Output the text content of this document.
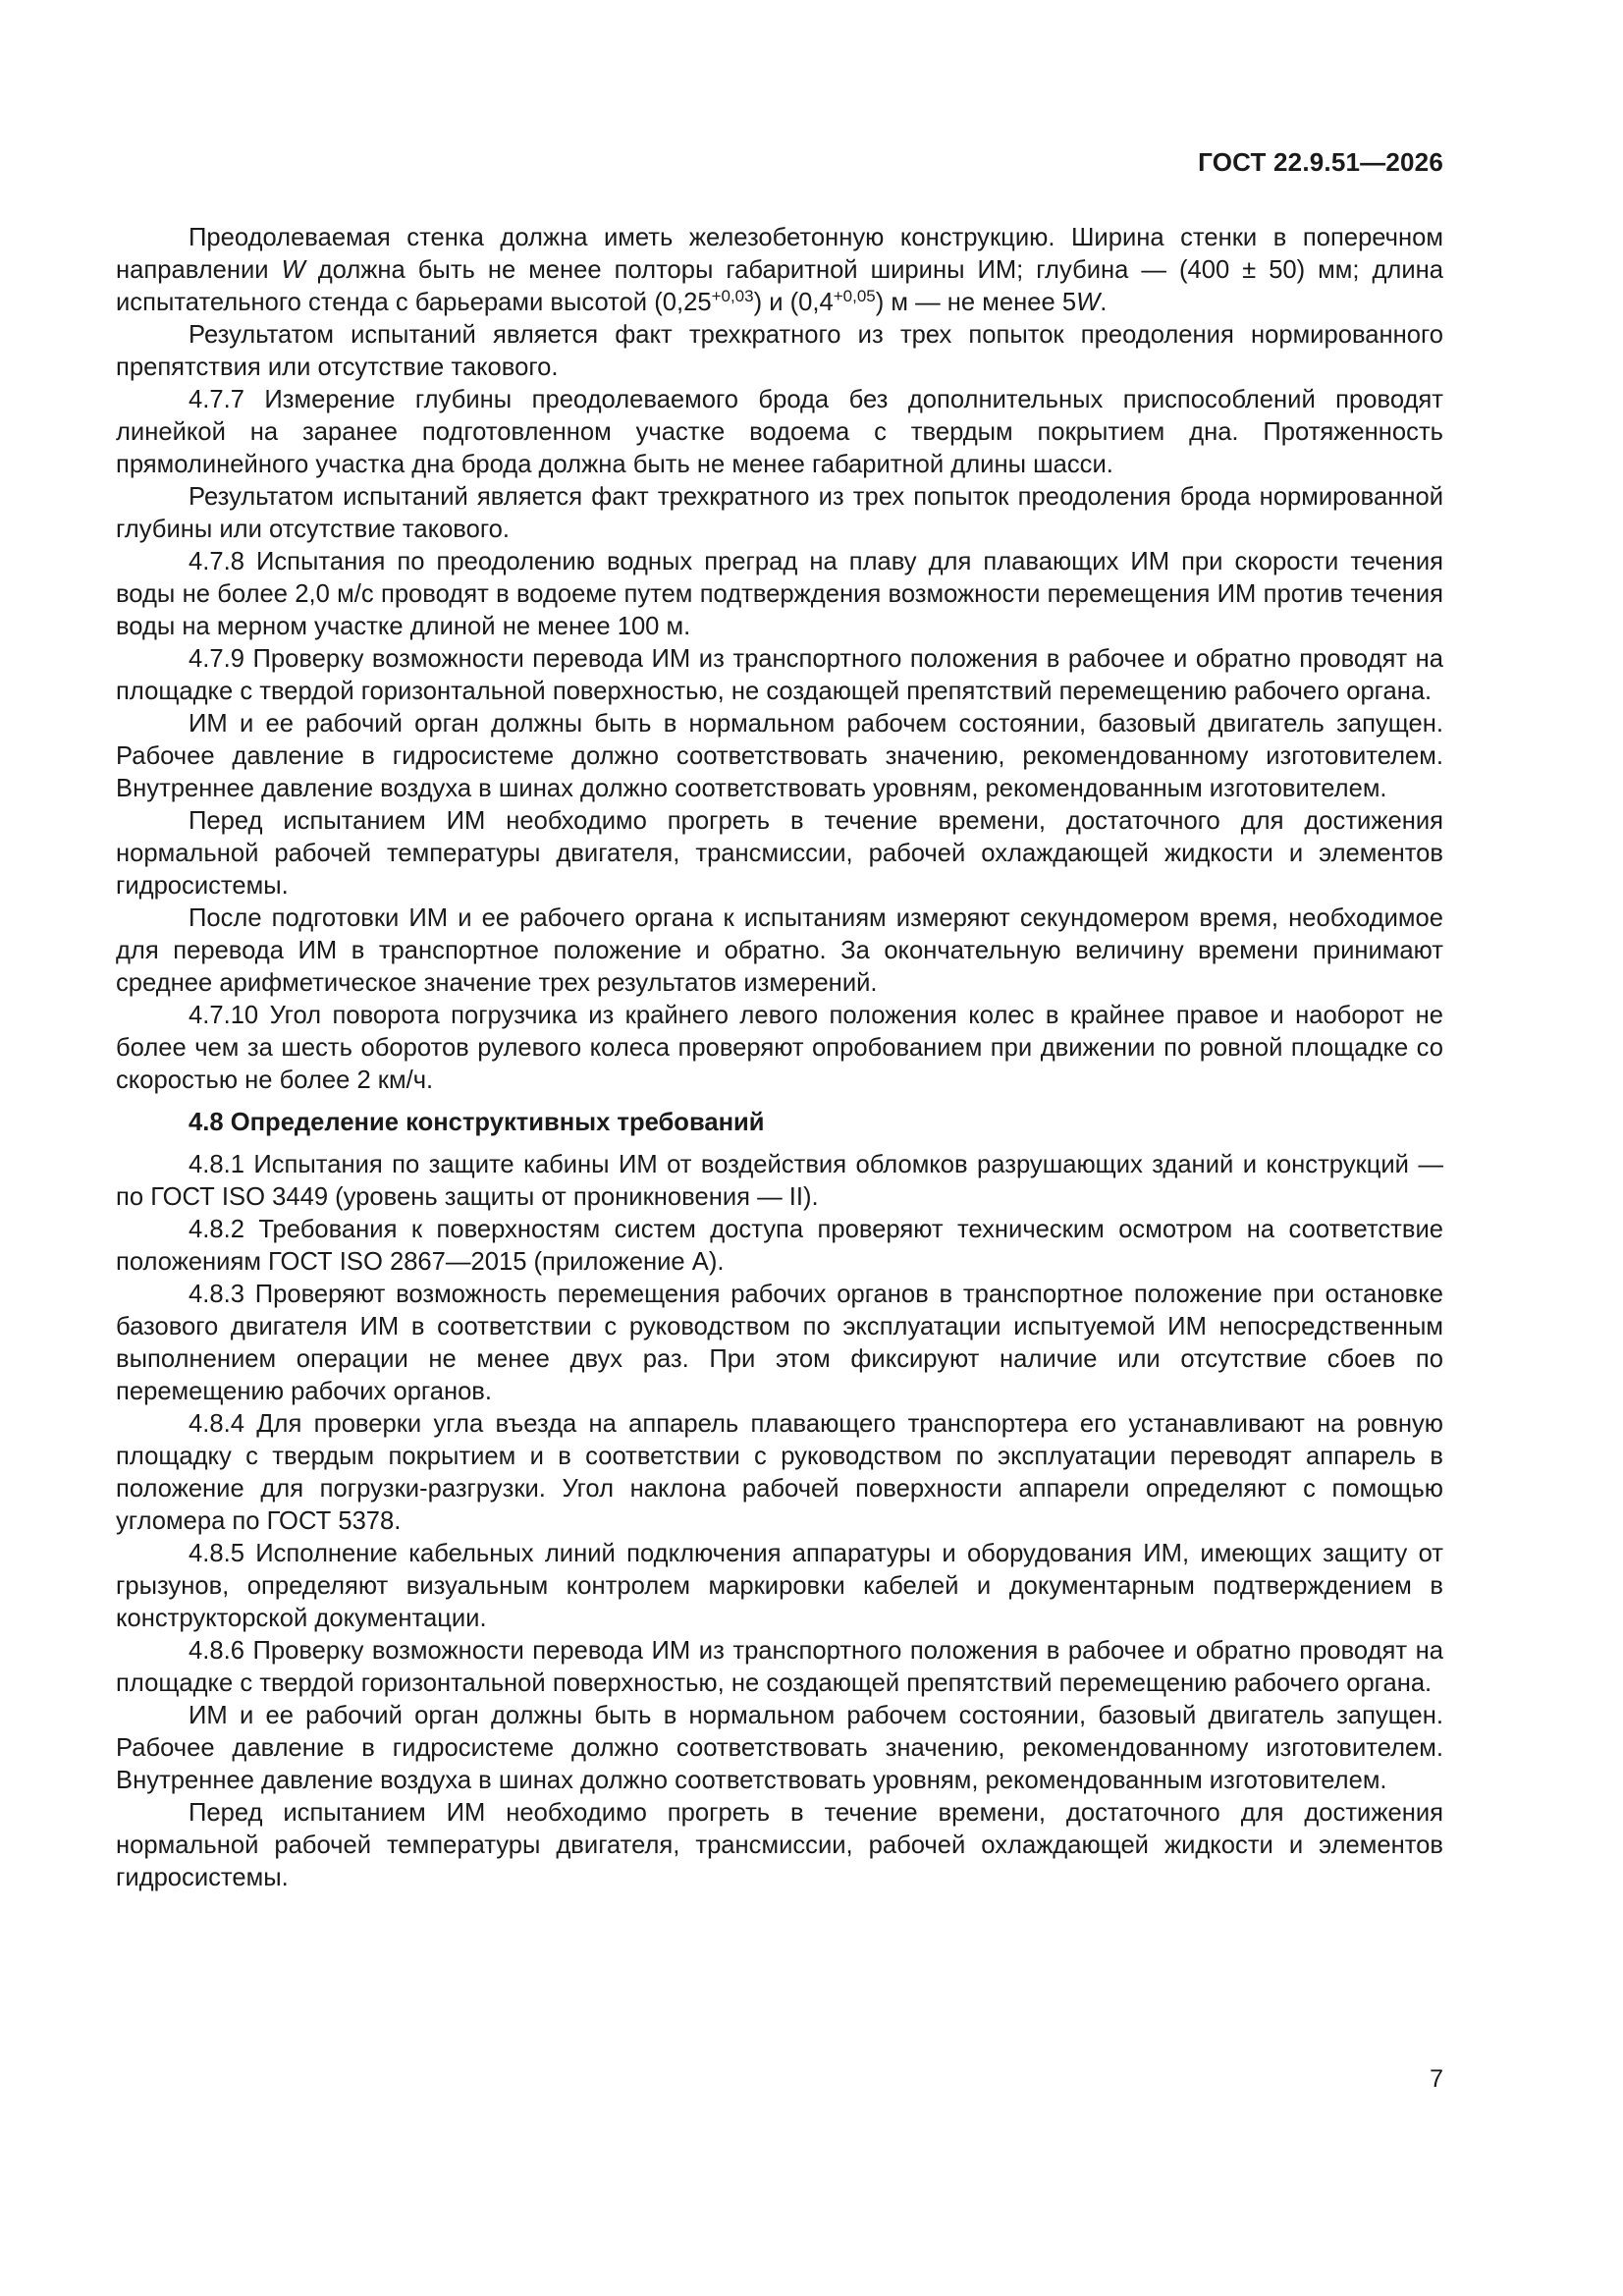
ГОСТ 22.9.51—2026

Преодолеваемая стенка должна иметь железобетонную конструкцию. Ширина стенки в поперечном направлении W должна быть не менее полторы габаритной ширины ИМ; глубина — (400 ± 50) мм; длина испытательного стенда с барьерами высотой $(0,25^{+0,03})$ и $(0,4^{+0,05})$ м — не менее 5W.

Результатом испытаний является факт трехкратного из трех попыток преодоления нормированного препятствия или отсутствие такового.

4.7.7 Измерение глубины преодолеваемого брода без дополнительных приспособлений проводят линейкой на заранее подготовленном участке водоема с твердым покрытием дна. Протяженность прямолинейного участка дна брода должна быть не менее габаритной длины шасси.

Результатом испытаний является факт трехкратного из трех попыток преодоления брода нормированной глубины или отсутствие такового.

4.7.8 Испытания по преодолению водных преград на плаву для плавающих ИМ при скорости течения воды не более 2,0 м/с проводят в водоеме путем подтверждения возможности перемещения ИМ против течения воды на мерном участке длиной не менее 100 м.

4.7.9 Проверку возможности перевода ИМ из транспортного положения в рабочее и обратно проводят на площадке с твердой горизонтальной поверхностью, не создающей препятствий перемещению рабочего органа.

ИМ и ее рабочий орган должны быть в нормальном рабочем состоянии, базовый двигатель запущен. Рабочее давление в гидросистеме должно соответствовать значению, рекомендованному изготовителем. Внутреннее давление воздуха в шинах должно соответствовать уровням, рекомендованным изготовителем.

Перед испытанием ИМ необходимо прогреть в течение времени, достаточного для достижения нормальной рабочей температуры двигателя, трансмиссии, рабочей охлаждающей жидкости и элементов гидросистемы.

После подготовки ИМ и ее рабочего органа к испытаниям измеряют секундомером время, необходимое для перевода ИМ в транспортное положение и обратно. За окончательную величину времени принимают среднее арифметическое значение трех результатов измерений.

4.7.10 Угол поворота погрузчика из крайнего левого положения колес в крайнее правое и наоборот не более чем за шесть оборотов рулевого колеса проверяют опробованием при движении по ровной площадке со скоростью не более 2 км/ч.

4.8 Определение конструктивных требований

4.8.1 Испытания по защите кабины ИМ от воздействия обломков разрушающих зданий и конструкций — по ГОСТ ISO 3449 (уровень защиты от проникновения — II).

4.8.2 Требования к поверхностям систем доступа проверяют техническим осмотром на соответствие положениям ГОСТ ISO 2867—2015 (приложение А).

4.8.3 Проверяют возможность перемещения рабочих органов в транспортное положение при остановке базового двигателя ИМ в соответствии с руководством по эксплуатации испытуемой ИМ непосредственным выполнением операции не менее двух раз. При этом фиксируют наличие или отсутствие сбоев по перемещению рабочих органов.

4.8.4 Для проверки угла въезда на аппарель плавающего транспортера его устанавливают на ровную площадку с твердым покрытием и в соответствии с руководством по эксплуатации переводят аппарель в положение для погрузки-разгрузки. Угол наклона рабочей поверхности аппарели определяют с помощью угломера по ГОСТ 5378.

4.8.5 Исполнение кабельных линий подключения аппаратуры и оборудования ИМ, имеющих защиту от грызунов, определяют визуальным контролем маркировки кабелей и документарным подтверждением в конструкторской документации.

4.8.6 Проверку возможности перевода ИМ из транспортного положения в рабочее и обратно проводят на площадке с твердой горизонтальной поверхностью, не создающей препятствий перемещению рабочего органа.

ИМ и ее рабочий орган должны быть в нормальном рабочем состоянии, базовый двигатель запущен. Рабочее давление в гидросистеме должно соответствовать значению, рекомендованному изготовителем. Внутреннее давление воздуха в шинах должно соответствовать уровням, рекомендованным изготовителем.

Перед испытанием ИМ необходимо прогреть в течение времени, достаточного для достижения нормальной рабочей температуры двигателя, трансмиссии, рабочей охлаждающей жидкости и элементов гидросистемы.

7
